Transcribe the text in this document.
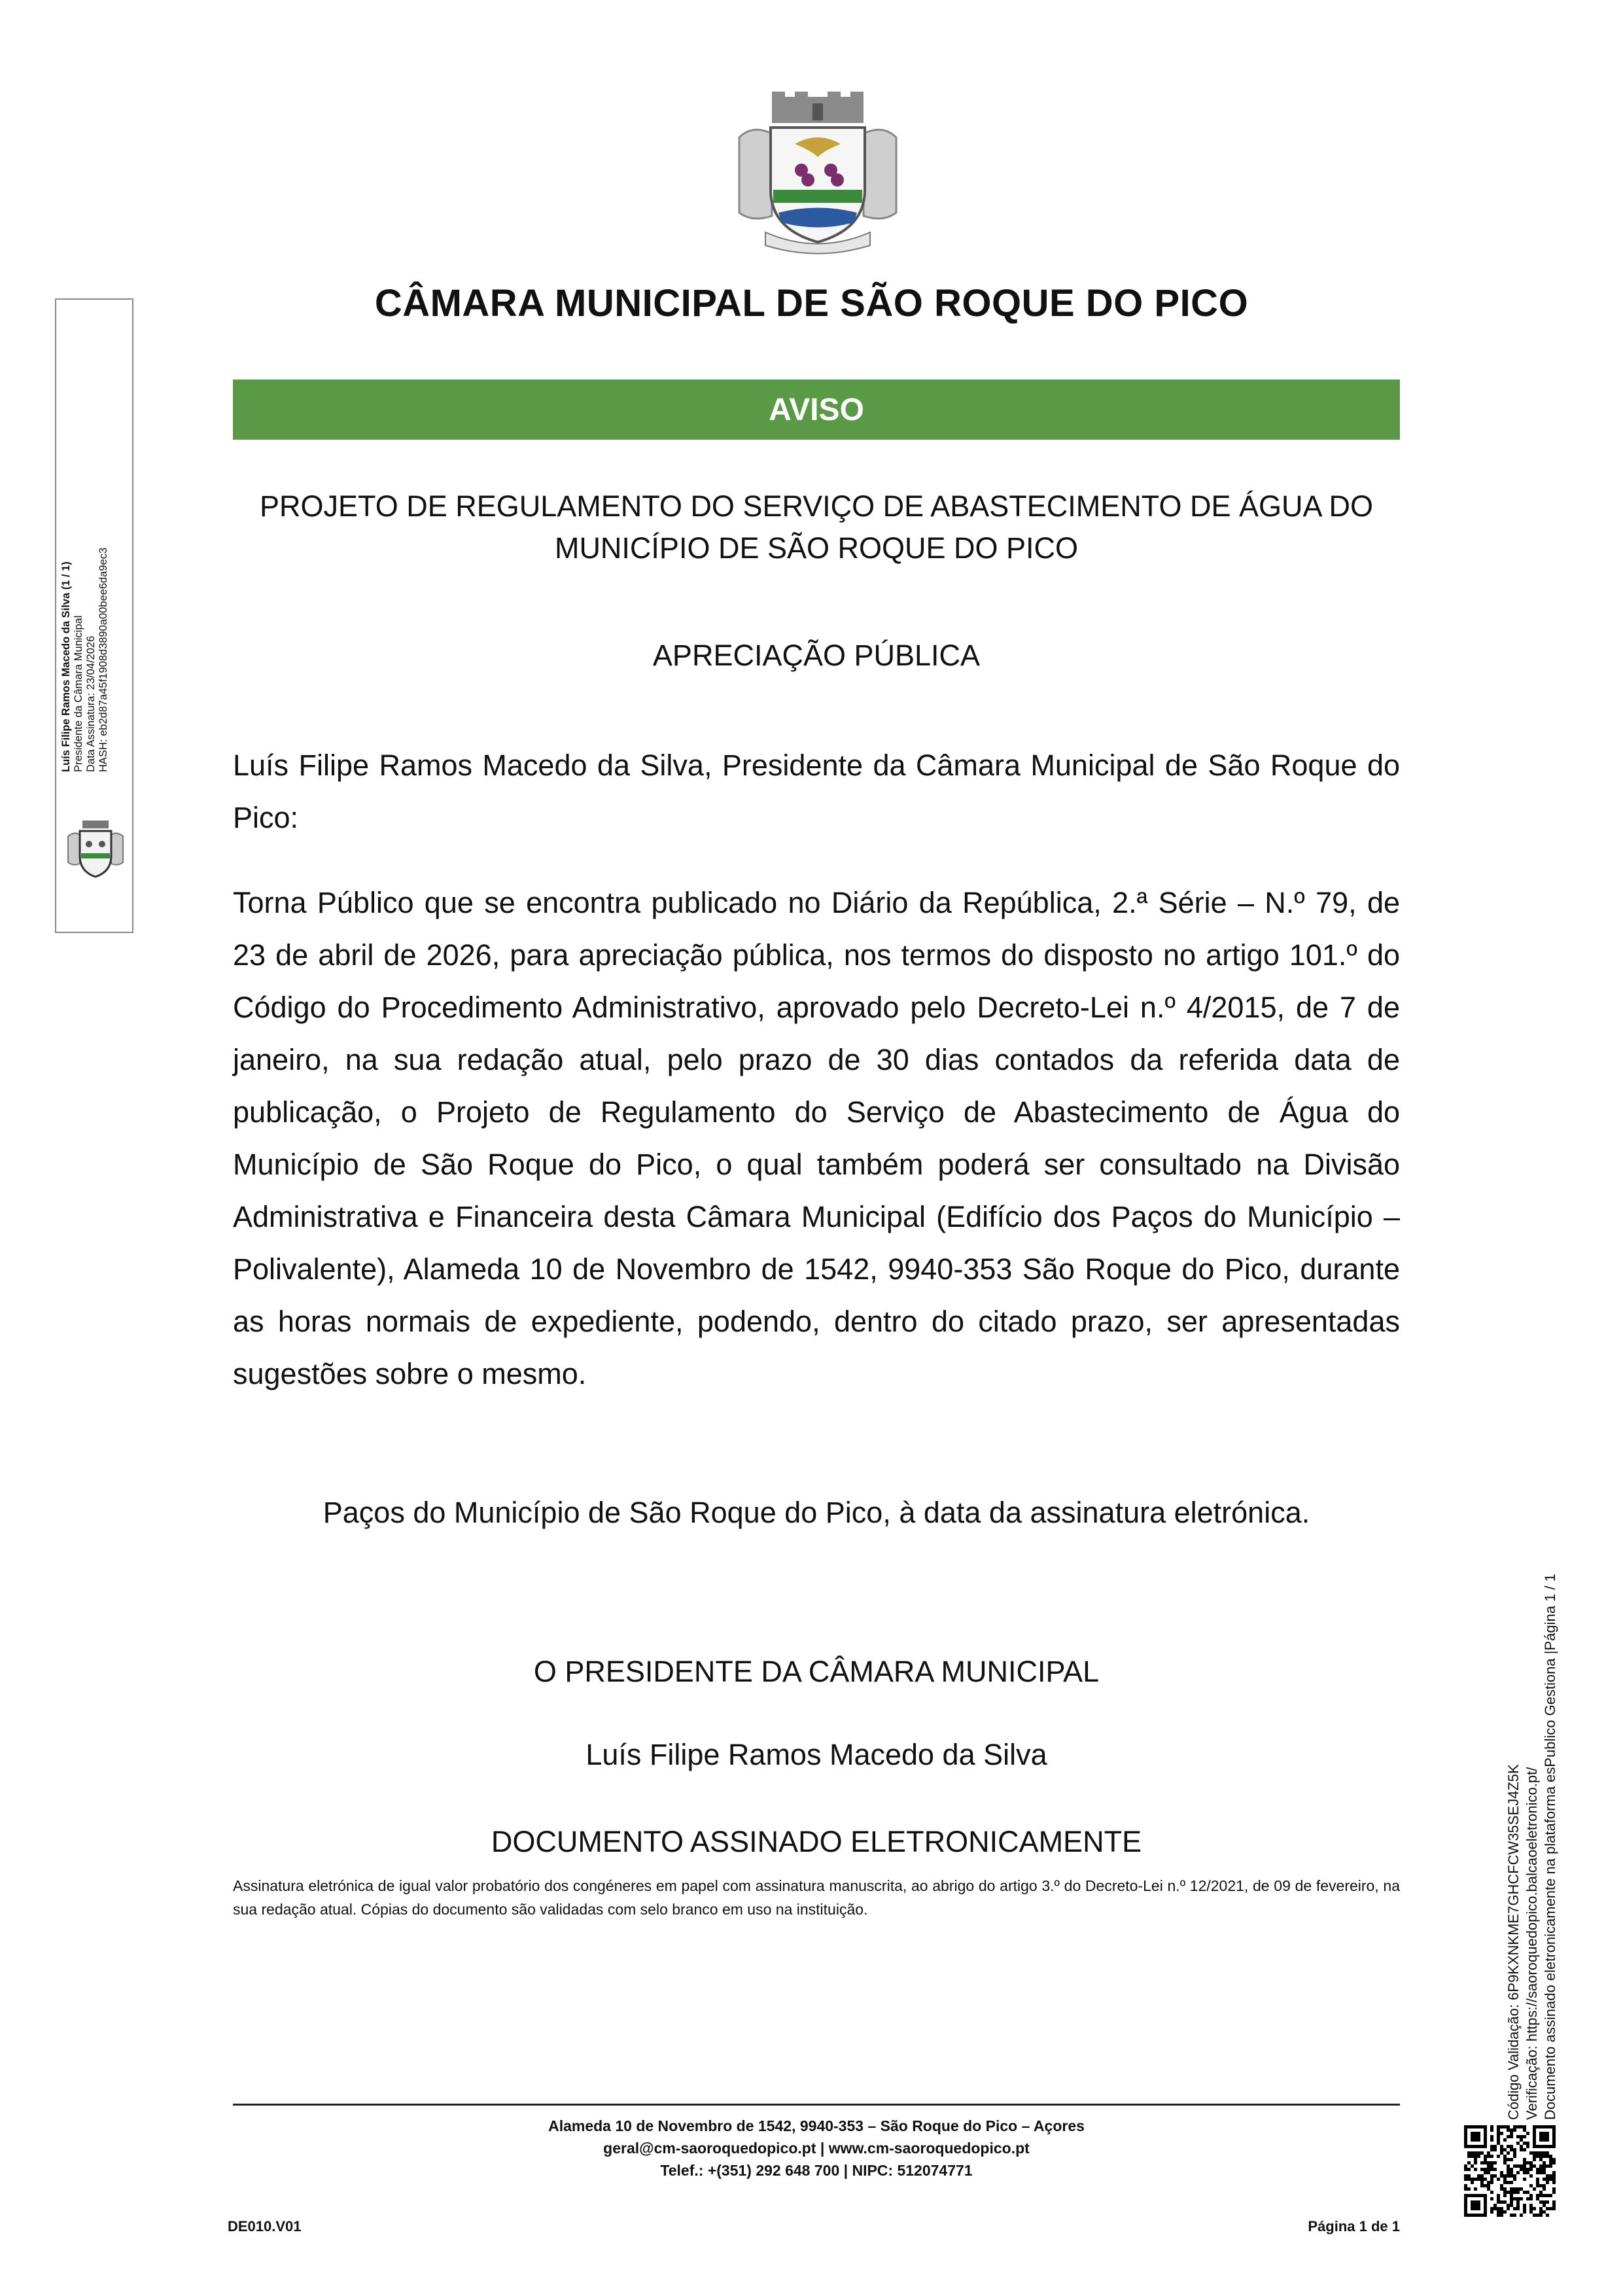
CÂMARA MUNICIPAL DE SÃO ROQUE DO PICO
AVISO
PROJETO DE REGULAMENTO DO SERVIÇO DE ABASTECIMENTO DE ÁGUA DO
MUNICÍPIO DE SÃO ROQUE DO PICO
APRECIAÇÃO PÚBLICA
Luís Filipe Ramos Macedo da Silva, Presidente da Câmara Municipal de São Roque do Pico:
Torna Público que se encontra publicado no Diário da República, 2.ª Série – N.º 79, de 23 de abril de 2026, para apreciação pública, nos termos do disposto no artigo 101.º do Código do Procedimento Administrativo, aprovado pelo Decreto-Lei n.º 4/2015, de 7 de janeiro, na sua redação atual, pelo prazo de 30 dias contados da referida data de publicação, o Projeto de Regulamento do Serviço de Abastecimento de Água do Município de São Roque do Pico, o qual também poderá ser consultado na Divisão Administrativa e Financeira desta Câmara Municipal (Edifício dos Paços do Município – Polivalente), Alameda 10 de Novembro de 1542, 9940-353 São Roque do Pico, durante as horas normais de expediente, podendo, dentro do citado prazo, ser apresentadas sugestões sobre o mesmo.
Paços do Município de São Roque do Pico, à data da assinatura eletrónica.
O PRESIDENTE DA CÂMARA MUNICIPAL
Luís Filipe Ramos Macedo da Silva
DOCUMENTO ASSINADO ELETRONICAMENTE
Assinatura eletrónica de igual valor probatório dos congéneres em papel com assinatura manuscrita, ao abrigo do artigo 3.º do Decreto-Lei n.º 12/2021, de 09 de fevereiro, na sua redação atual. Cópias do documento são validadas com selo branco em uso na instituição.
Alameda 10 de Novembro de 1542, 9940-353 – São Roque do Pico – Açores
geral@cm-saoroquedopico.pt | www.cm-saoroquedopico.pt
Telef.: +(351) 292 648 700 | NIPC: 512074771
DE010.V01	Página 1 de 1
Luís Filipe Ramos Macedo da Silva (1 / 1) Presidente da Câmara Municipal Data Assinatura: 23/04/2026 HASH: eb2d87a45f1908d3890a00bee6da9ec3
Código Validação: 6P9KXNKME7GHCFCW35SEJ4Z5K Verificação: https://saoroquedopico.balcaoeletronico.pt/ Documento assinado eletronicamente na plataforma esPublico Gestiona |Página 1 / 1
